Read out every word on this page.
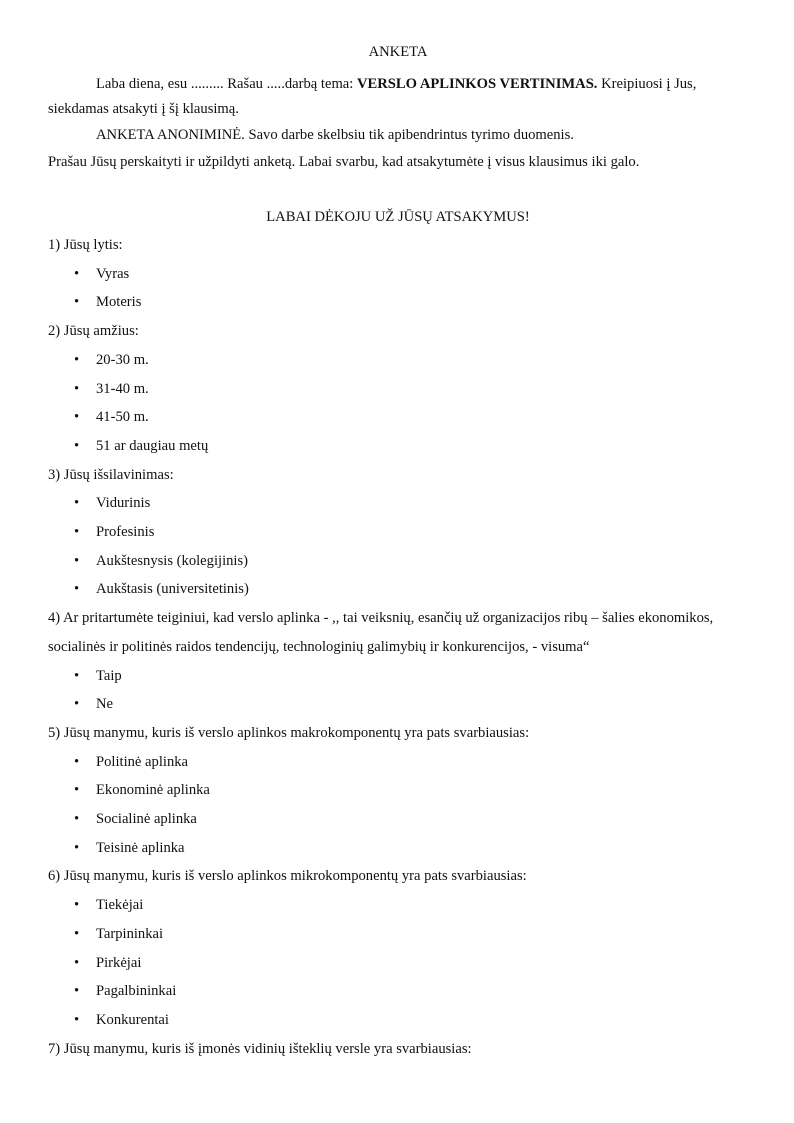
ANKETA

Laba diena, esu ......... Rašau .....darbą tema: VERSLO APLINKOS VERTINIMAS. Kreipiuosi į Jus, siekdamas atsakyti į šį klausimą.

ANKETA ANONIMINĖ. Savo darbe skelbsiu tik apibendrintus tyrimo duomenis.

Prašau Jūsų perskaityti ir užpildyti anketą. Labai svarbu, kad atsakytumėte į visus klausimus iki galo.

LABAI DĖKOJU UŽ JŪSŲ ATSAKYMUS!

1) Jūsų lytis:

• Vyras
• Moteris

2) Jūsų amžius:

• 20-30 m.
• 31-40 m.
• 41-50 m.
• 51 ar daugiau metų

3) Jūsų išsilavinimas:

• Vidurinis
• Profesinis
• Aukštesnysis (kolegijinis)
• Aukštasis (universitetinis)

4) Ar pritartumėte teiginiui, kad verslo aplinka - ,, tai veiksnių, esančių už organizacijos ribų – šalies ekonomikos, socialinės ir politinės raidos tendencijų, technologinių galimybių ir konkurencijos, - visuma“

• Taip
• Ne

5) Jūsų manymu, kuris iš verslo aplinkos makrokomponentų yra pats svarbiausias:

• Politinė aplinka
• Ekonominė aplinka
• Socialinė aplinka
• Teisinė aplinka

6) Jūsų manymu, kuris iš verslo aplinkos mikrokomponentų yra pats svarbiausias:

• Tiekėjai
• Tarpininkai
• Pirkėjai
• Pagalbininkai
• Konkurentai

7) Jūsų manymu, kuris iš įmonės vidinių išteklių versle yra svarbiausias:
